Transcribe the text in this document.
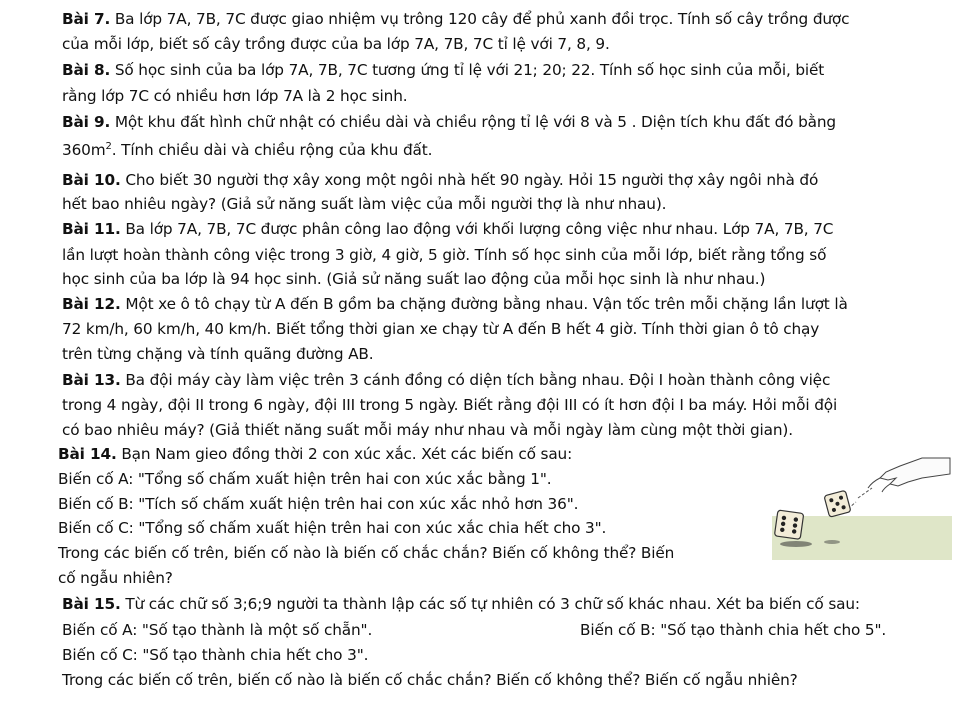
Bài 7. Ba lớp 7A, 7B, 7C được giao nhiệm vụ trông 120 cây để phủ xanh đồi trọc. Tính số cây trồng được
của mỗi lớp, biết số cây trồng được của ba lớp 7A, 7B, 7C tỉ lệ với 7, 8, 9.
Bài 8. Số học sinh của ba lớp 7A, 7B, 7C tương ứng tỉ lệ với 21; 20; 22. Tính số học sinh của mỗi, biết
rằng lớp 7C có nhiều hơn lớp 7A là 2 học sinh.
Bài 9. Một khu đất hình chữ nhật có chiều dài và chiều rộng tỉ lệ với 8 và 5 . Diện tích khu đất đó bằng
$360m^2$. Tính chiều dài và chiều rộng của khu đất.
Bài 10. Cho biết 30 người thợ xây xong một ngôi nhà hết 90 ngày. Hỏi 15 người thợ xây ngôi nhà đó
hết bao nhiêu ngày? (Giả sử năng suất làm việc của mỗi người thợ là như nhau).
Bài 11. Ba lớp 7A, 7B, 7C được phân công lao động với khối lượng công việc như nhau. Lớp 7A, 7B, 7C
lần lượt hoàn thành công việc trong 3 giờ, 4 giờ, 5 giờ. Tính số học sinh của mỗi lớp, biết rằng tổng số
học sinh của ba lớp là 94 học sinh. (Giả sử năng suất lao động của mỗi học sinh là như nhau.)
Bài 12. Một xe ô tô chạy từ A đến B gồm ba chặng đường bằng nhau. Vận tốc trên mỗi chặng lần lượt là
72 km/h, 60 km/h, 40 km/h. Biết tổng thời gian xe chạy từ A đến B hết 4 giờ. Tính thời gian ô tô chạy
trên từng chặng và tính quãng đường AB.
Bài 13. Ba đội máy cày làm việc trên 3 cánh đồng có diện tích bằng nhau. Đội I hoàn thành công việc
trong 4 ngày, đội II trong 6 ngày, đội III trong 5 ngày. Biết rằng đội III có ít hơn đội I ba máy. Hỏi mỗi đội
có bao nhiêu máy? (Giả thiết năng suất mỗi máy như nhau và mỗi ngày làm cùng một thời gian).
Bài 14. Bạn Nam gieo đồng thời 2 con xúc xắc. Xét các biến cố sau:
Biến cố A: "Tổng số chấm xuất hiện trên hai con xúc xắc bằng 1".
Biến cố B: "Tích số chấm xuất hiện trên hai con xúc xắc nhỏ hơn 36".
Biến cố C: "Tổng số chấm xuất hiện trên hai con xúc xắc chia hết cho 3".
Trong các biến cố trên, biến cố nào là biến cố chắc chắn? Biến cố không thể? Biến
cố ngẫu nhiên?
Bài 15. Từ các chữ số 3;6;9 người ta thành lập các số tự nhiên có 3 chữ số khác nhau. Xét ba biến cố sau:
Biến cố A: "Số tạo thành là một số chẵn".	Biến cố B: "Số tạo thành chia hết cho 5".
Biến cố C: "Số tạo thành chia hết cho 3".
Trong các biến cố trên, biến cố nào là biến cố chắc chắn? Biến cố không thể? Biến cố ngẫu nhiên?
